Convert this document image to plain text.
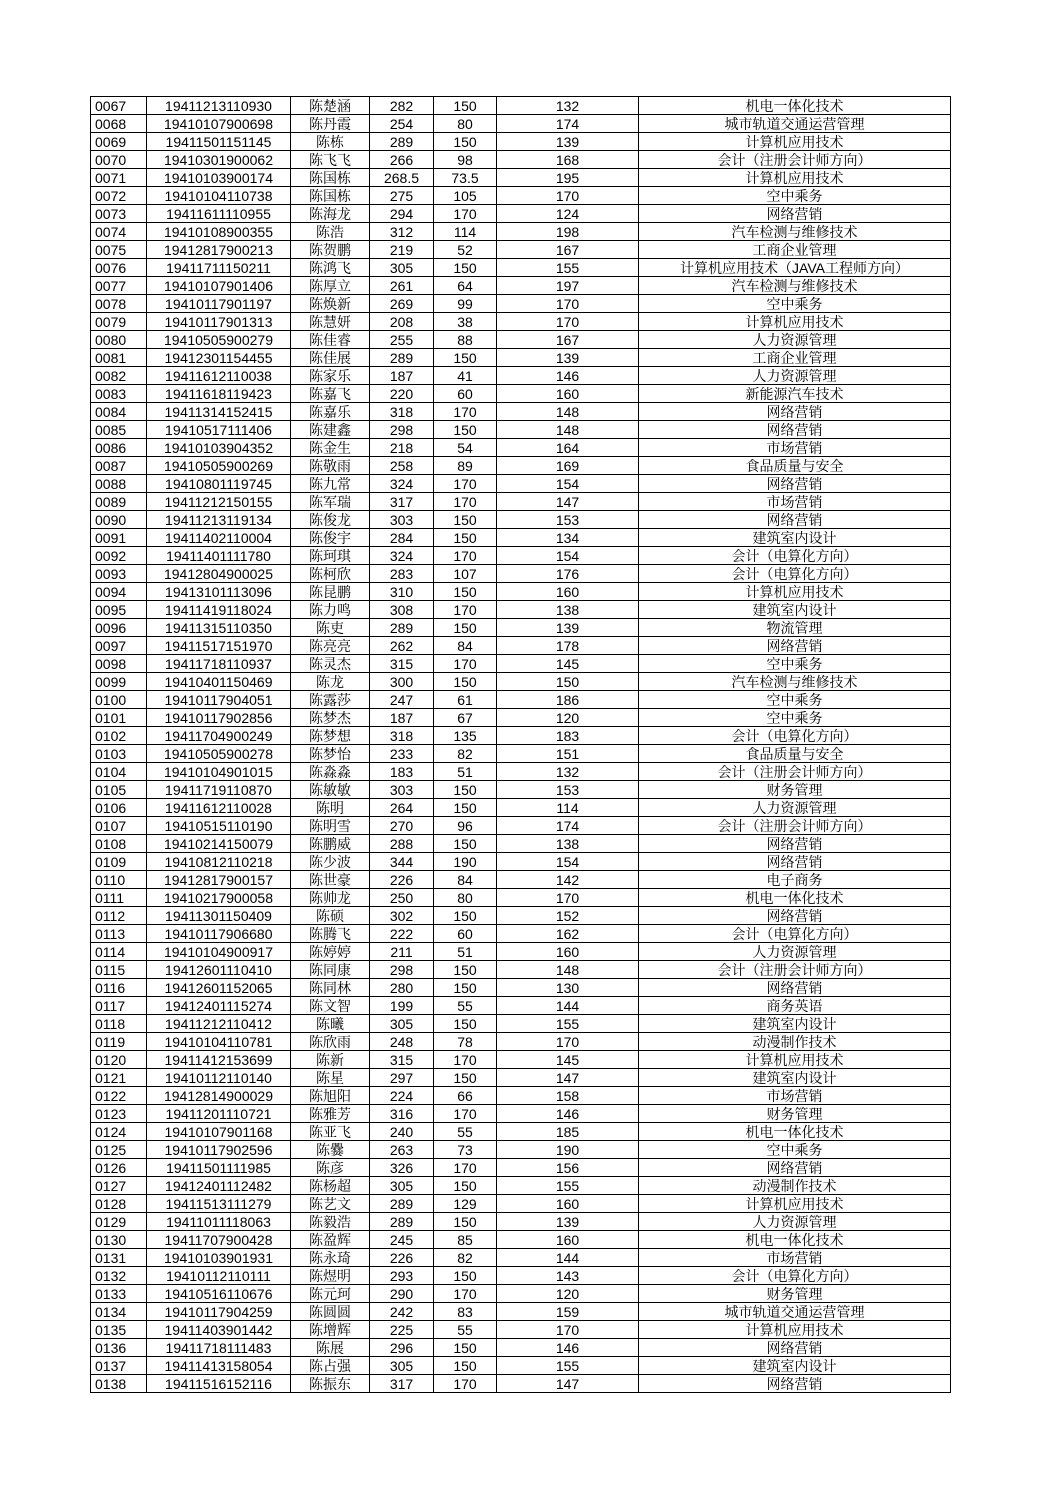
0067	19411213110930	陈楚涵	282	150	132	机电一体化技术
0068	19410107900698	陈丹霞	254	80	174	城市轨道交通运营管理
0069	19411501151145	陈栋	289	150	139	计算机应用技术
0070	19410301900062	陈飞飞	266	98	168	会计（注册会计师方向）
0071	19410103900174	陈国栋	268.5	73.5	195	计算机应用技术
0072	19410104110738	陈国栋	275	105	170	空中乘务
0073	19411611110955	陈海龙	294	170	124	网络营销
0074	19410108900355	陈浩	312	114	198	汽车检测与维修技术
0075	19412817900213	陈贺鹏	219	52	167	工商企业管理
0076	19411711150211	陈鸿飞	305	150	155	计算机应用技术（JAVA工程师方向）
0077	19410107901406	陈厚立	261	64	197	汽车检测与维修技术
0078	19410117901197	陈焕新	269	99	170	空中乘务
0079	19410117901313	陈慧妍	208	38	170	计算机应用技术
0080	19410505900279	陈佳睿	255	88	167	人力资源管理
0081	19412301154455	陈佳展	289	150	139	工商企业管理
0082	19411612110038	陈家乐	187	41	146	人力资源管理
0083	19411618119423	陈嘉飞	220	60	160	新能源汽车技术
0084	19411314152415	陈嘉乐	318	170	148	网络营销
0085	19410517111406	陈建鑫	298	150	148	网络营销
0086	19410103904352	陈金生	218	54	164	市场营销
0087	19410505900269	陈敬雨	258	89	169	食品质量与安全
0088	19410801119745	陈九常	324	170	154	网络营销
0089	19411212150155	陈军瑞	317	170	147	市场营销
0090	19411213119134	陈俊龙	303	150	153	网络营销
0091	19411402110004	陈俊宇	284	150	134	建筑室内设计
0092	19411401111780	陈珂琪	324	170	154	会计（电算化方向）
0093	19412804900025	陈柯欣	283	107	176	会计（电算化方向）
0094	19413101113096	陈昆鹏	310	150	160	计算机应用技术
0095	19411419118024	陈力鸣	308	170	138	建筑室内设计
0096	19411315110350	陈吏	289	150	139	物流管理
0097	19411517151970	陈亮亮	262	84	178	网络营销
0098	19411718110937	陈灵杰	315	170	145	空中乘务
0099	19410401150469	陈龙	300	150	150	汽车检测与维修技术
0100	19410117904051	陈露莎	247	61	186	空中乘务
0101	19410117902856	陈梦杰	187	67	120	空中乘务
0102	19411704900249	陈梦想	318	135	183	会计（电算化方向）
0103	19410505900278	陈梦怡	233	82	151	食品质量与安全
0104	19410104901015	陈淼淼	183	51	132	会计（注册会计师方向）
0105	19411719110870	陈敏敏	303	150	153	财务管理
0106	19411612110028	陈明	264	150	114	人力资源管理
0107	19410515110190	陈明雪	270	96	174	会计（注册会计师方向）
0108	19410214150079	陈鹏威	288	150	138	网络营销
0109	19410812110218	陈少波	344	190	154	网络营销
0110	19412817900157	陈世豪	226	84	142	电子商务
0111	19410217900058	陈帅龙	250	80	170	机电一体化技术
0112	19411301150409	陈硕	302	150	152	网络营销
0113	19410117906680	陈腾飞	222	60	162	会计（电算化方向）
0114	19410104900917	陈婷婷	211	51	160	人力资源管理
0115	19412601110410	陈同康	298	150	148	会计（注册会计师方向）
0116	19412601152065	陈同林	280	150	130	网络营销
0117	19412401115274	陈文智	199	55	144	商务英语
0118	19411212110412	陈曦	305	150	155	建筑室内设计
0119	19410104110781	陈欣雨	248	78	170	动漫制作技术
0120	19411412153699	陈新	315	170	145	计算机应用技术
0121	19410112110140	陈星	297	150	147	建筑室内设计
0122	19412814900029	陈旭阳	224	66	158	市场营销
0123	19411201110721	陈雅芳	316	170	146	财务管理
0124	19410107901168	陈亚飞	240	55	185	机电一体化技术
0125	19410117902596	陈爨	263	73	190	空中乘务
0126	19411501111985	陈彦	326	170	156	网络营销
0127	19412401112482	陈杨超	305	150	155	动漫制作技术
0128	19411513111279	陈艺文	289	129	160	计算机应用技术
0129	19411011118063	陈毅浩	289	150	139	人力资源管理
0130	19411707900428	陈盈辉	245	85	160	机电一体化技术
0131	19410103901931	陈永琦	226	82	144	市场营销
0132	19410112110111	陈煜明	293	150	143	会计（电算化方向）
0133	19410516110676	陈元珂	290	170	120	财务管理
0134	19410117904259	陈圆圆	242	83	159	城市轨道交通运营管理
0135	19411403901442	陈增辉	225	55	170	计算机应用技术
0136	19411718111483	陈展	296	150	146	网络营销
0137	19411413158054	陈占强	305	150	155	建筑室内设计
0138	19411516152116	陈振东	317	170	147	网络营销
